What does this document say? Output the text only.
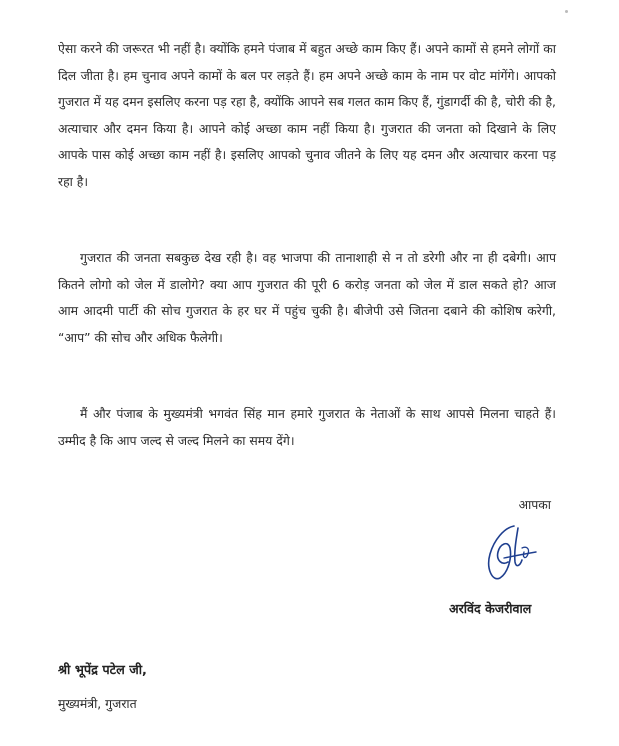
ऐसा करने की जरूरत भी नहीं है। क्योंकि हमने पंजाब में बहुत अच्छे काम किए हैं। अपने कामों से हमने लोगों का दिल जीता है। हम चुनाव अपने कामों के बल पर लड़ते हैं। हम अपने अच्छे काम के नाम पर वोट मांगेंगे। आपको गुजरात में यह दमन इसलिए करना पड़ रहा है, क्योंकि आपने सब गलत काम किए हैं, गुंडागर्दी की है, चोरी की है, अत्याचार और दमन किया है। आपने कोई अच्छा काम नहीं किया है। गुजरात की जनता को दिखाने के लिए आपके पास कोई अच्छा काम नहीं है। इसलिए आपको चुनाव जीतने के लिए यह दमन और अत्याचार करना पड़ रहा है।

गुजरात की जनता सबकुछ देख रही है। वह भाजपा की तानाशाही से न तो डरेगी और ना ही दबेगी। आप कितने लोगो को जेल में डालोगे? क्या आप गुजरात की पूरी 6 करोड़ जनता को जेल में डाल सकते हो? आज आम आदमी पार्टी की सोच गुजरात के हर घर में पहुंच चुकी है। बीजेपी उसे जितना दबाने की कोशिष करेगी, “आप” की सोच और अधिक फैलेगी।

मैं और पंजाब के मुख्यमंत्री भगवंत सिंह मान हमारे गुजरात के नेताओं के साथ आपसे मिलना चाहते हैं। उम्मीद है कि आप जल्द से जल्द मिलने का समय देंगे।

आपका

अरविंद केजरीवाल

श्री भूपेंद्र पटेल जी,

मुख्यमंत्री, गुजरात
